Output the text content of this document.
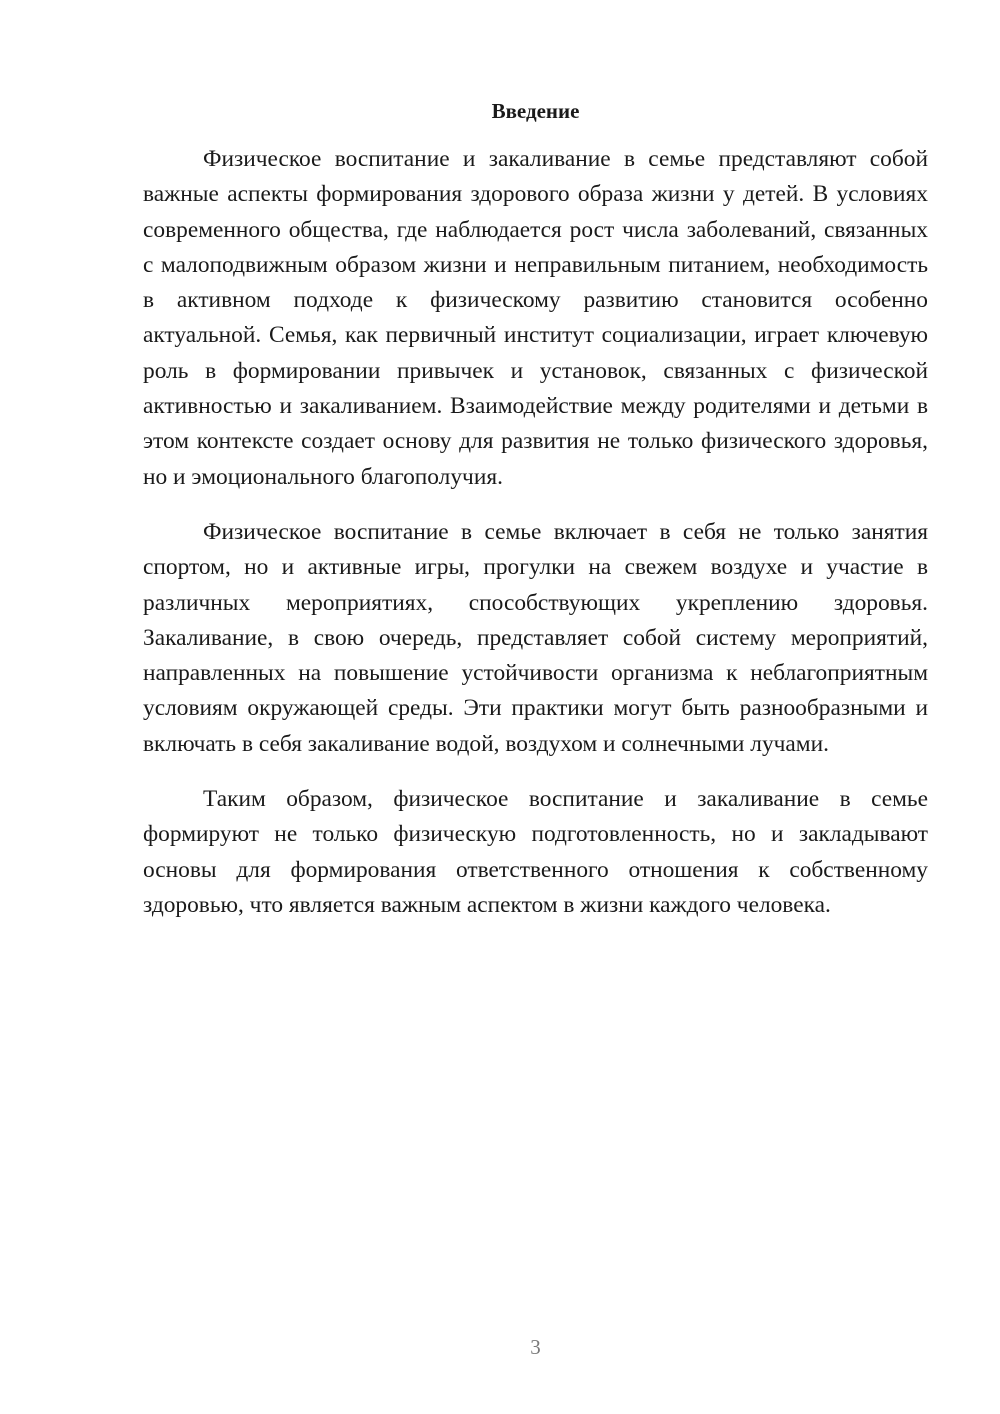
Введение

Физическое воспитание и закаливание в семье представляют собой важные аспекты формирования здорового образа жизни у детей. В условиях современного общества, где наблюдается рост числа заболеваний, связанных с малоподвижным образом жизни и неправильным питанием, необходимость в активном подходе к физическому развитию становится особенно актуальной. Семья, как первичный институт социализации, играет ключевую роль в формировании привычек и установок, связанных с физической активностью и закаливанием. Взаимодействие между родителями и детьми в этом контексте создает основу для развития не только физического здоровья, но и эмоционального благополучия.

Физическое воспитание в семье включает в себя не только занятия спортом, но и активные игры, прогулки на свежем воздухе и участие в различных мероприятиях, способствующих укреплению здоровья. Закаливание, в свою очередь, представляет собой систему мероприятий, направленных на повышение устойчивости организма к неблагоприятным условиям окружающей среды. Эти практики могут быть разнообразными и включать в себя закаливание водой, воздухом и солнечными лучами.

Таким образом, физическое воспитание и закаливание в семье формируют не только физическую подготовленность, но и закладывают основы для формирования ответственного отношения к собственному здоровью, что является важным аспектом в жизни каждого человека.

3
